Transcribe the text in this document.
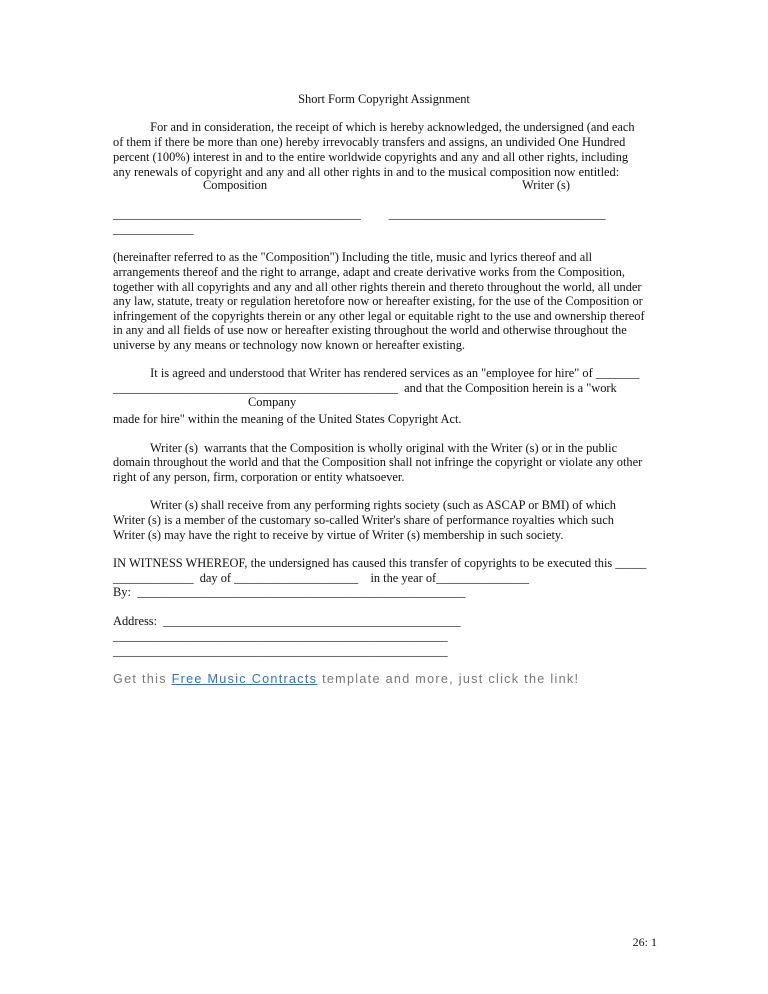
Short Form Copyright Assignment
For and in consideration, the receipt of which is hereby acknowledged, the undersigned (and each
of them if there be more than one) hereby irrevocably transfers and assigns, an undivided One Hundred
percent (100%) interest in and to the entire worldwide copyrights and any and all other rights, including
any renewals of copyright and any and all other rights in and to the musical composition now entitled:
Composition	Writer (s)
________________________________________         ___________________________________
_____________
(hereinafter referred to as the "Composition") Including the title, music and lyrics thereof and all
arrangements thereof and the right to arrange, adapt and create derivative works from the Composition,
together with all copyrights and any and all other rights therein and thereto throughout the world, all under
any law, statute, treaty or regulation heretofore now or hereafter existing, for the use of the Composition or
infringement of the copyrights therein or any other legal or equitable right to the use and ownership thereof
in any and all fields of use now or hereafter existing throughout the world and otherwise throughout the
universe by any means or technology now known or hereafter existing.
It is agreed and understood that Writer has rendered services as an "employee for hire" of _______
______________________________________________  and that the Composition herein is a "work
Company
made for hire" within the meaning of the United States Copyright Act.
Writer (s)  warrants that the Composition is wholly original with the Writer (s) or in the public
domain throughout the world and that the Composition shall not infringe the copyright or violate any other
right of any person, firm, corporation or entity whatsoever.
Writer (s) shall receive from any performing rights society (such as ASCAP or BMI) of which
Writer (s) is a member of the customary so-called Writer's share of performance royalties which such
Writer (s) may have the right to receive by virtue of Writer (s) membership in such society.
IN WITNESS WHEREOF, the undersigned has caused this transfer of copyrights to be executed this _____
_____________  day of ____________________    in the year of_______________
By:  _____________________________________________________
Address:  ________________________________________________
______________________________________________________
______________________________________________________
Get this Free Music Contracts template and more, just click the link!
26: 1
